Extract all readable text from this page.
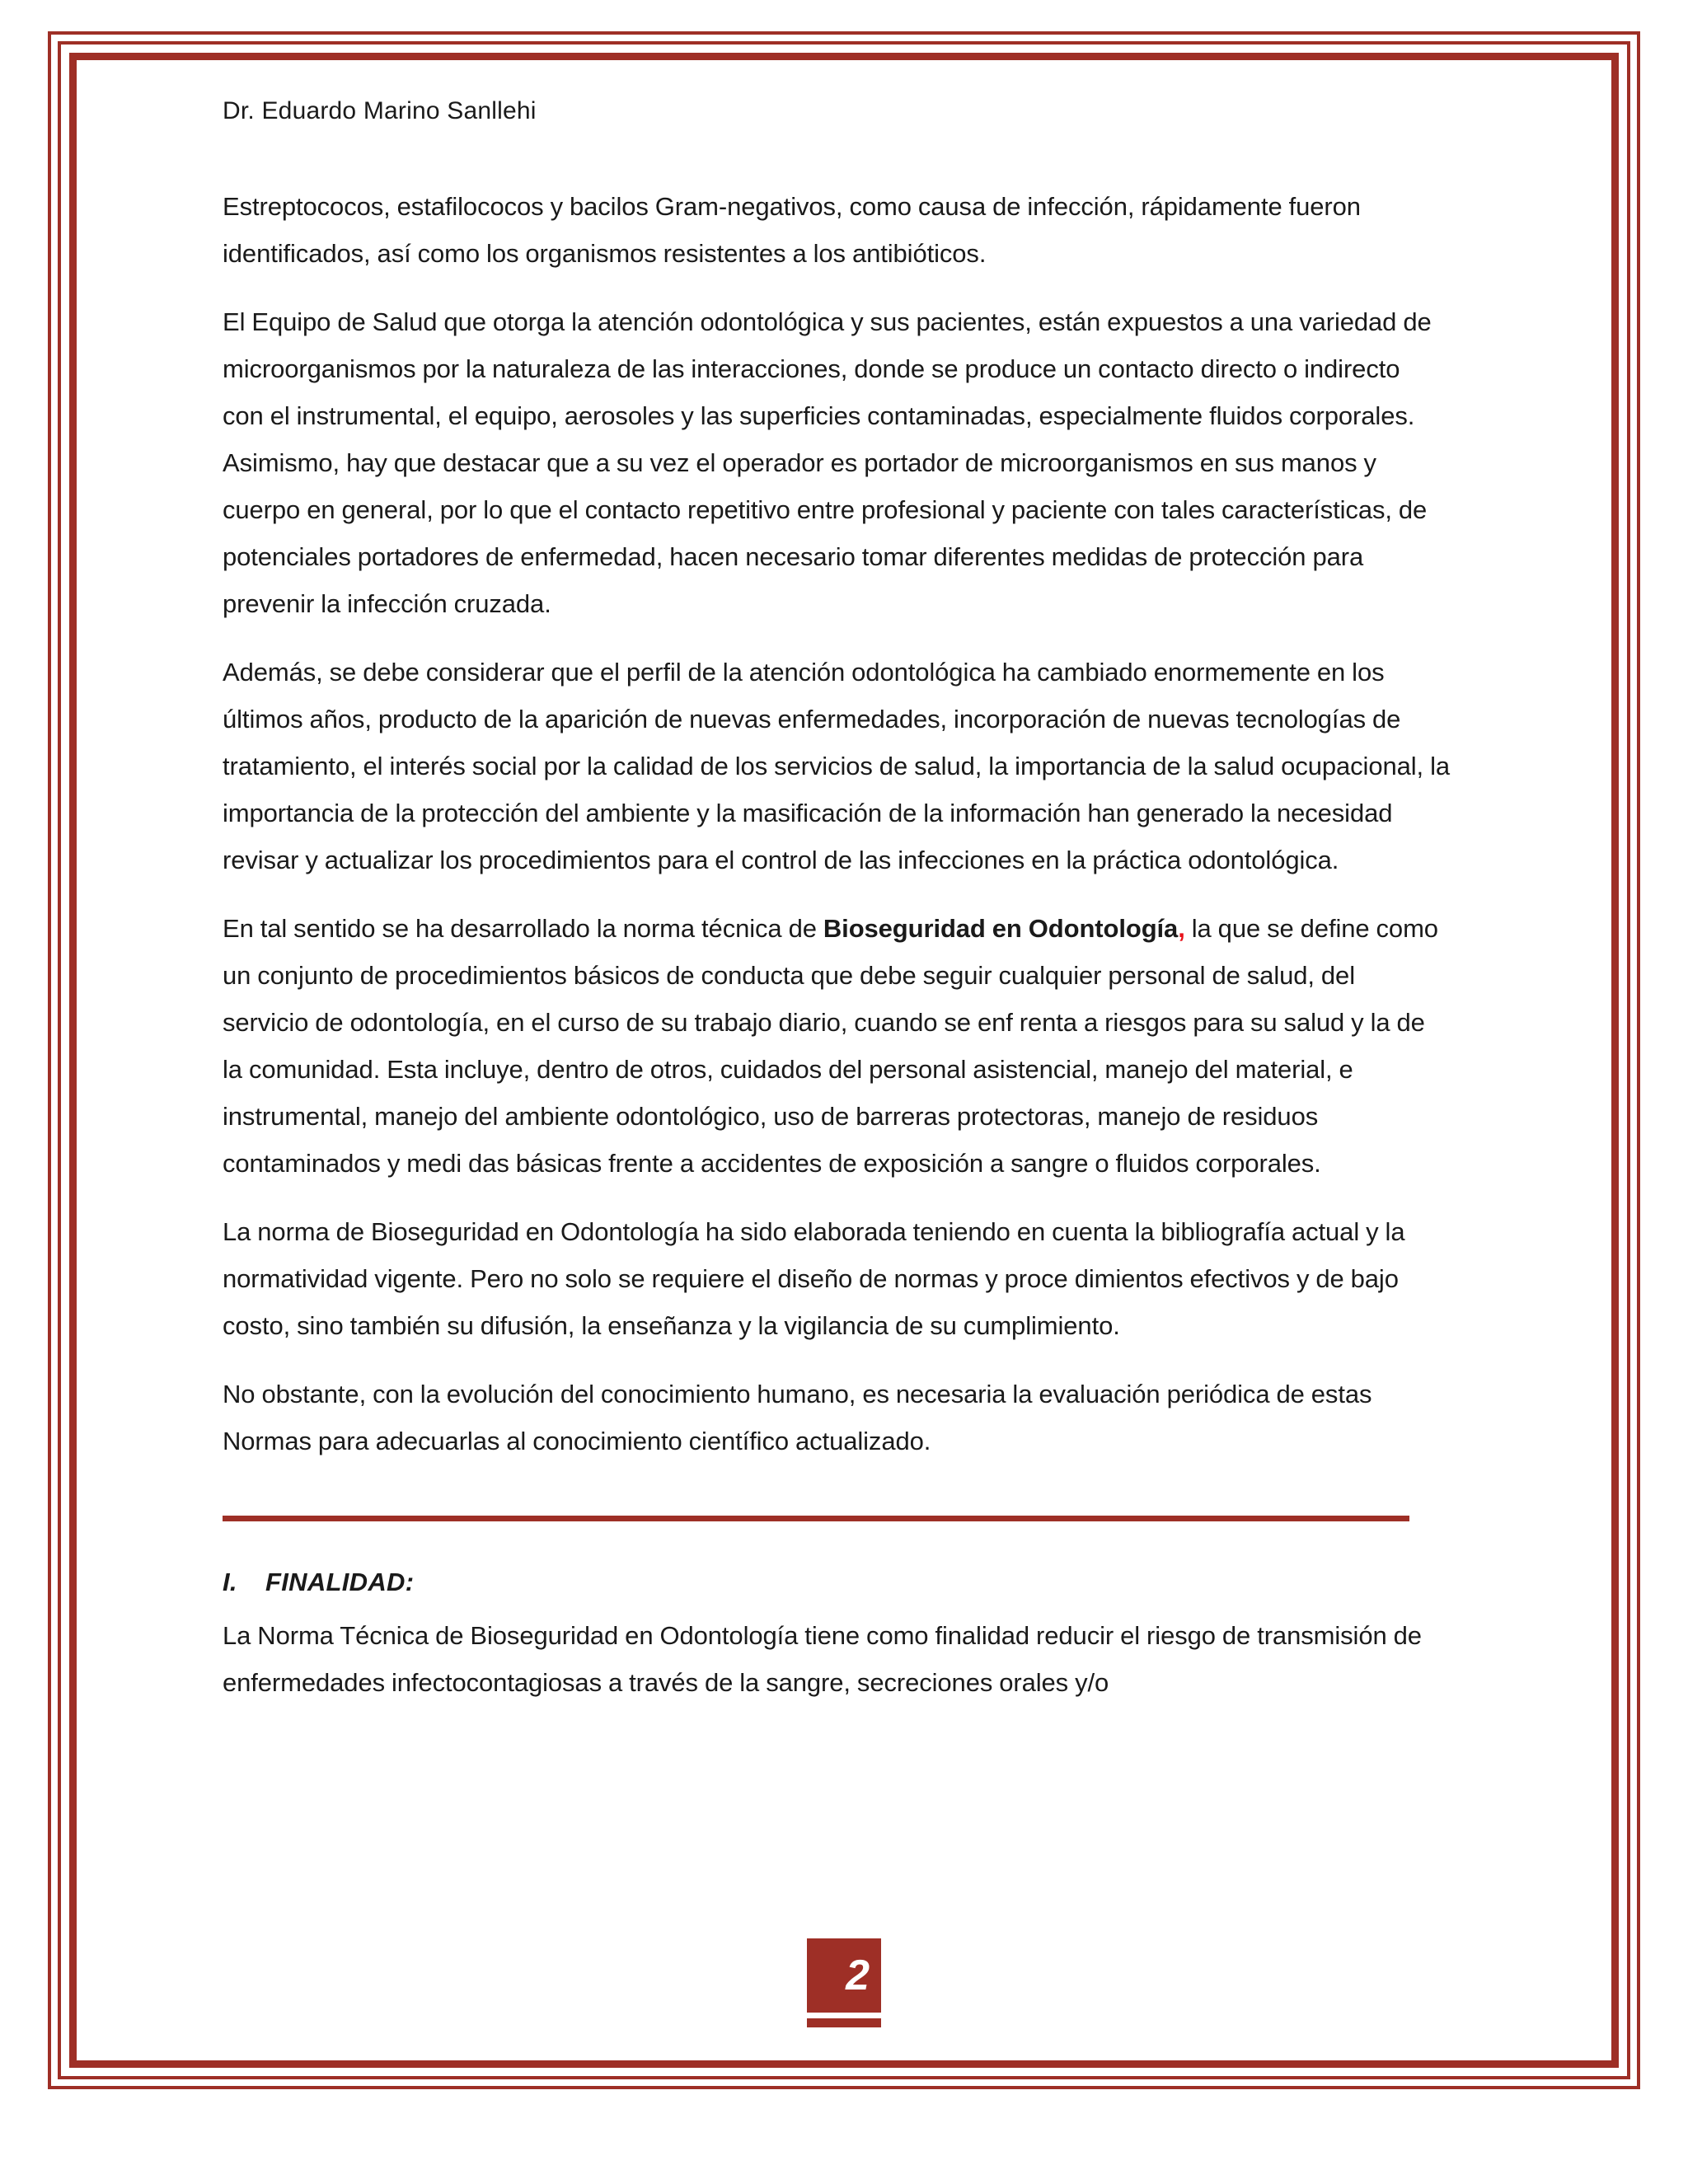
Dr. Eduardo Marino Sanllehi

Estreptococos, estafilococos y bacilos Gram-negativos, como causa de infección, rápidamente fueron identificados, así como los organismos resistentes a los antibióticos.

El Equipo de Salud que otorga la atención odontológica y sus pacientes, están expuestos a una variedad de microorganismos por la naturaleza de las interacciones, donde se produce un contacto directo o indirecto con el instrumental, el equipo, aerosoles y las superficies contaminadas, especialmente fluidos corporales. Asimismo, hay que destacar que a su vez el operador es portador de microorganismos en sus manos y cuerpo en general, por lo que el contacto repetitivo entre profesional y paciente con tales características, de potenciales portadores de enfermedad, hacen necesario tomar diferentes medidas de protección para prevenir la infección cruzada.

Además, se debe considerar que el perfil de la atención odontológica ha cambiado enormemente en los últimos años, producto de la aparición de nuevas enfermedades, incorporación de nuevas tecnologías de tratamiento, el interés social por la calidad de los servicios de salud, la importancia de la salud ocupacional, la importancia de la protección del ambiente y la masificación de la información han generado la necesidad revisar y actualizar los procedimientos para el control de las infecciones en la práctica odontológica.

En tal sentido se ha desarrollado la norma técnica de Bioseguridad en Odontología, la que se define como un conjunto de procedimientos básicos de conducta que debe seguir cualquier personal de salud, del servicio de odontología, en el curso de su trabajo diario, cuando se enf renta a riesgos para su salud y la de la comunidad. Esta incluye, dentro de otros, cuidados del personal asistencial, manejo del material, e instrumental, manejo del ambiente odontológico, uso de barreras protectoras, manejo de residuos contaminados y medi das básicas frente a accidentes de exposición a sangre o fluidos corporales.

La norma de Bioseguridad en Odontología ha sido elaborada teniendo en cuenta la bibliografía actual y la normatividad vigente. Pero no solo se requiere el diseño de normas y proce dimientos efectivos y de bajo costo, sino también su difusión, la enseñanza y la vigilancia de su cumplimiento.

No obstante, con la evolución del conocimiento humano, es necesaria la evaluación periódica de estas Normas para adecuarlas al conocimiento científico actualizado.

I. FINALIDAD:

La Norma Técnica de Bioseguridad en Odontología tiene como finalidad reducir el riesgo de transmisión de enfermedades infectocontagiosas a través de la sangre, secreciones orales y/o

2
